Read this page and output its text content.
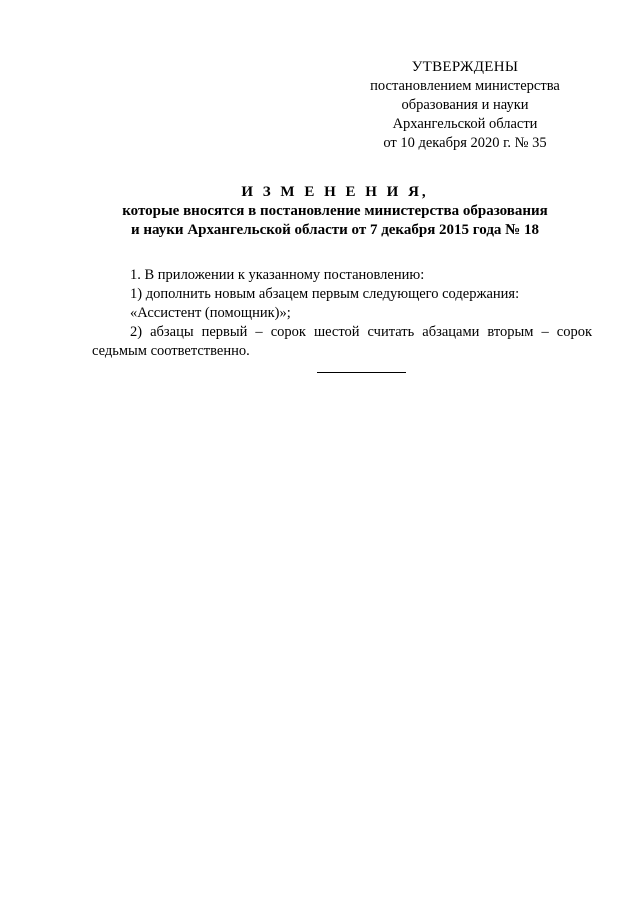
УТВЕРЖДЕНЫ
постановлением министерства
образования и науки
Архангельской области
от 10 декабря 2020 г. № 35
И З М Е Н Е Н И Я,
которые вносятся в постановление министерства образования
и науки Архангельской области от 7 декабря 2015 года № 18

1. В приложении к указанному постановлению:

1) дополнить новым абзацем первым следующего содержания:

«Ассистент (помощник)»;

2) абзацы первый – сорок шестой считать абзацами вторым – сорок седьмым соответственно.
